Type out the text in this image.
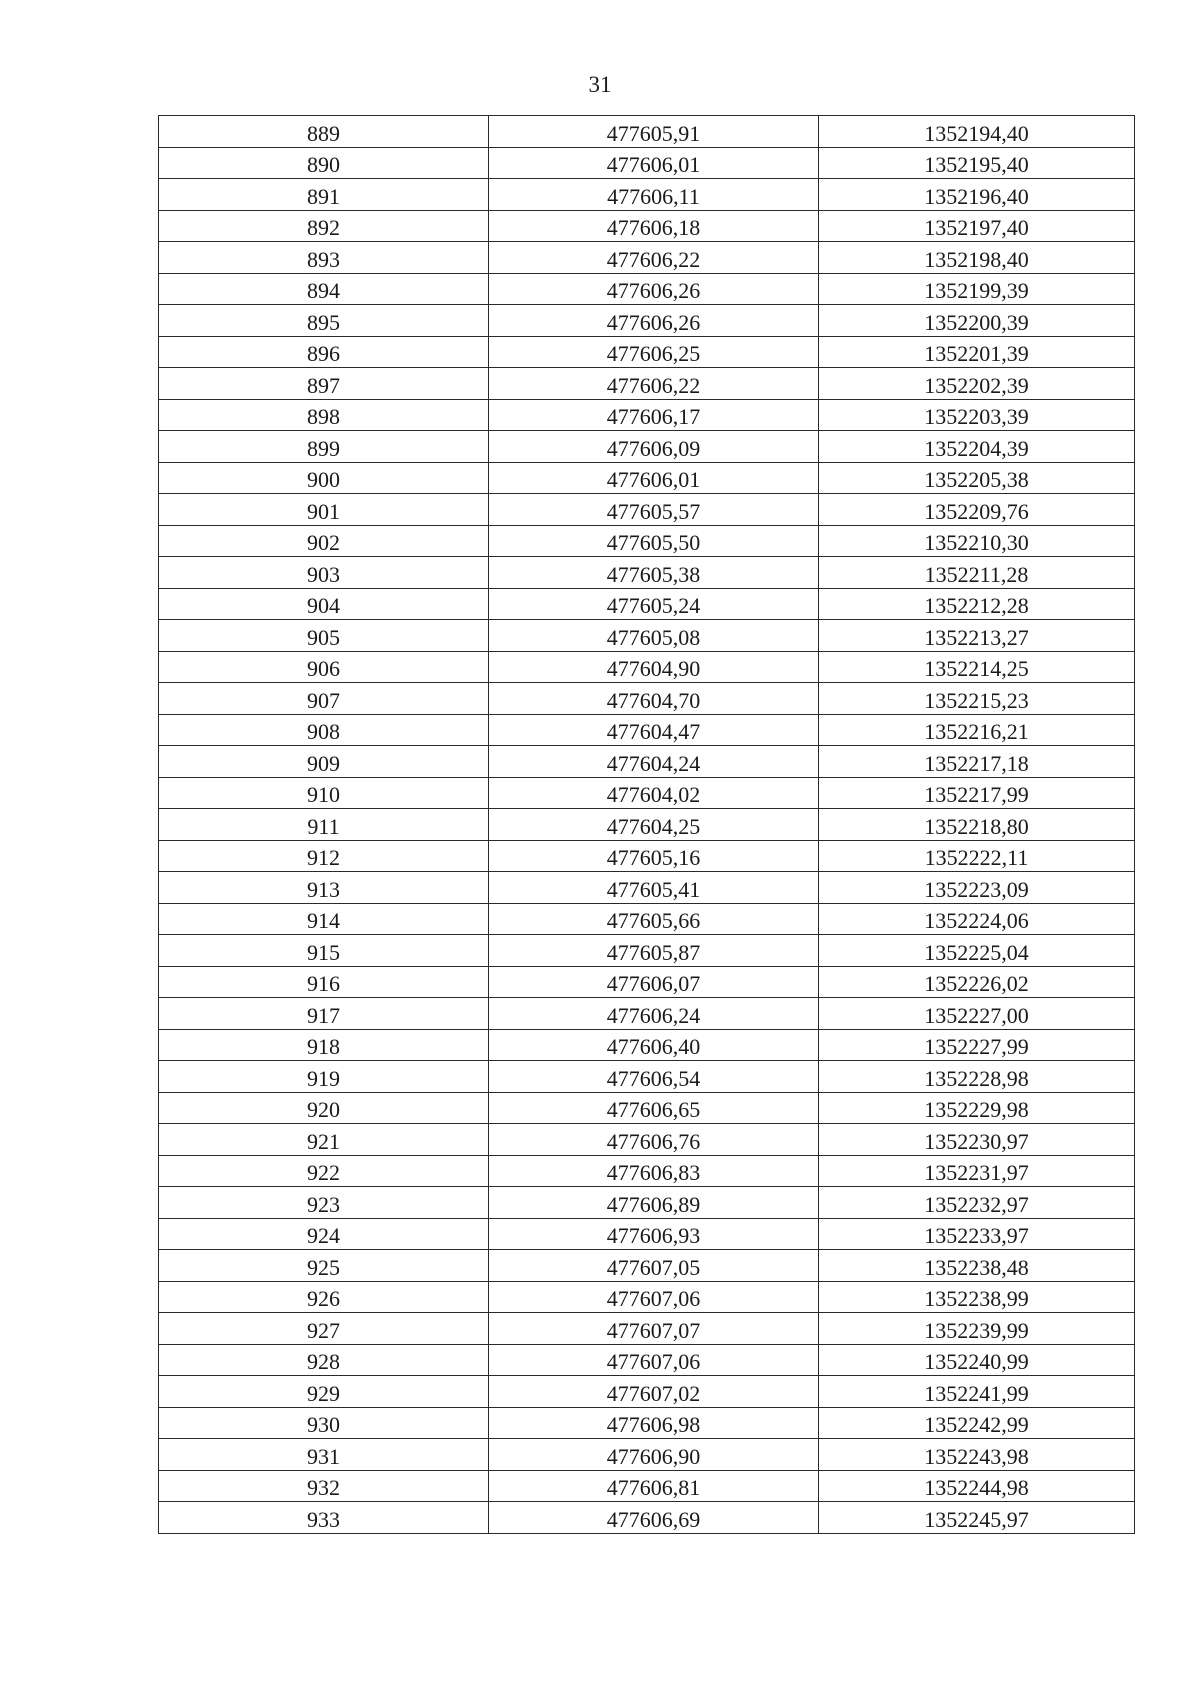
31
889	477605,91	1352194,40
890	477606,01	1352195,40
891	477606,11	1352196,40
892	477606,18	1352197,40
893	477606,22	1352198,40
894	477606,26	1352199,39
895	477606,26	1352200,39
896	477606,25	1352201,39
897	477606,22	1352202,39
898	477606,17	1352203,39
899	477606,09	1352204,39
900	477606,01	1352205,38
901	477605,57	1352209,76
902	477605,50	1352210,30
903	477605,38	1352211,28
904	477605,24	1352212,28
905	477605,08	1352213,27
906	477604,90	1352214,25
907	477604,70	1352215,23
908	477604,47	1352216,21
909	477604,24	1352217,18
910	477604,02	1352217,99
911	477604,25	1352218,80
912	477605,16	1352222,11
913	477605,41	1352223,09
914	477605,66	1352224,06
915	477605,87	1352225,04
916	477606,07	1352226,02
917	477606,24	1352227,00
918	477606,40	1352227,99
919	477606,54	1352228,98
920	477606,65	1352229,98
921	477606,76	1352230,97
922	477606,83	1352231,97
923	477606,89	1352232,97
924	477606,93	1352233,97
925	477607,05	1352238,48
926	477607,06	1352238,99
927	477607,07	1352239,99
928	477607,06	1352240,99
929	477607,02	1352241,99
930	477606,98	1352242,99
931	477606,90	1352243,98
932	477606,81	1352244,98
933	477606,69	1352245,97
